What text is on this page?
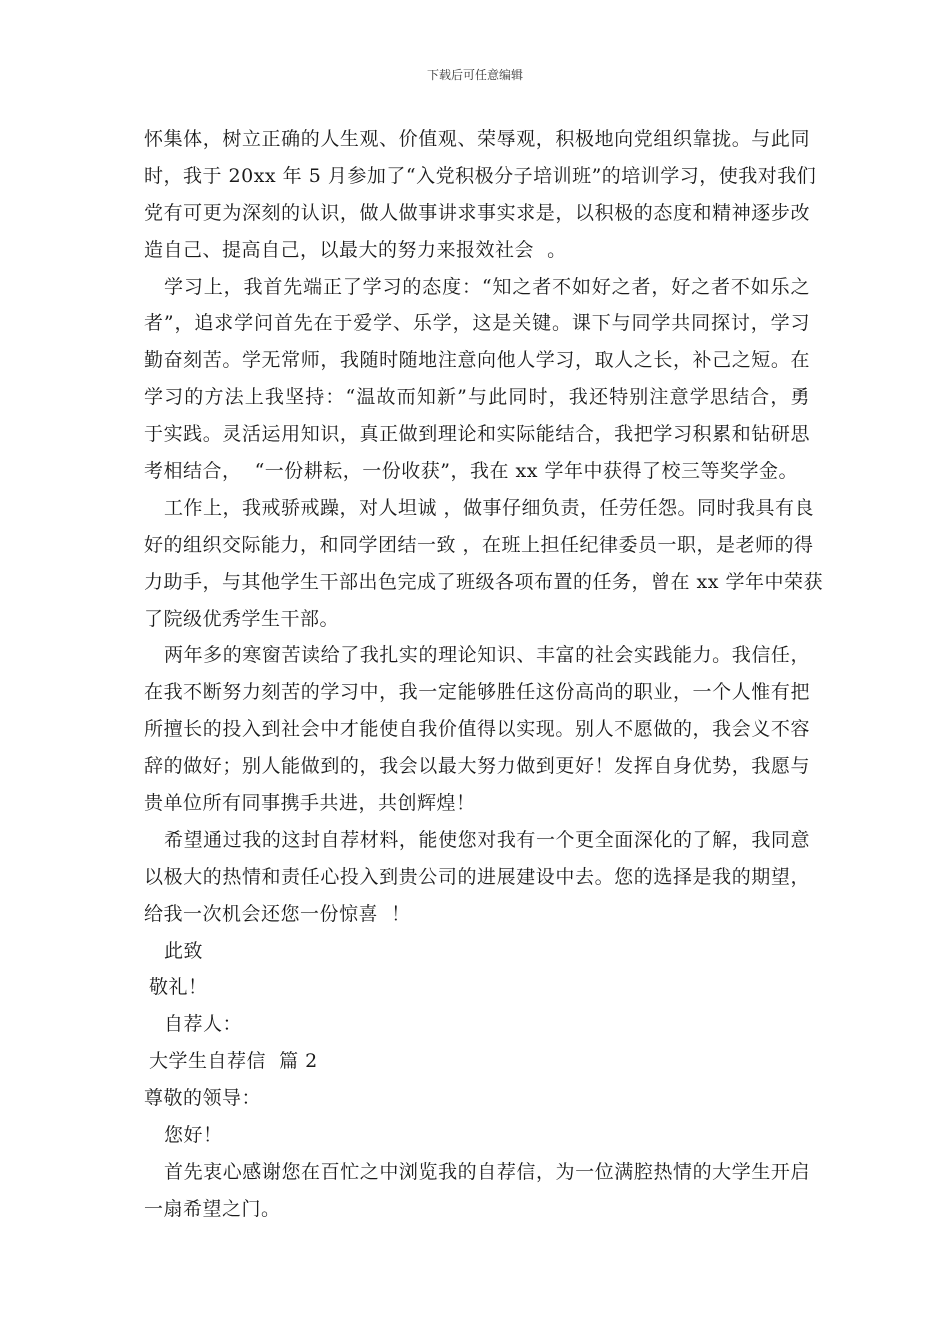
下载后可任意编辑
怀集体，树立正确的人生观、价值观、荣辱观，积极地向党组织靠拢。与此同
时，我于 20xx 年 5 月参加了“入党积极分子培训班”的培训学习，使我对我们
党有可更为深刻的认识，做人做事讲求事实求是，以积极的态度和精神逐步改
造自己、提高自己，以最大的努力来报效社会  。
学习上，我首先端正了学习的态度：“知之者不如好之者，好之者不如乐之
者”，追求学问首先在于爱学、乐学，这是关键。课下与同学共同探讨，学习
勤奋刻苦。学无常师，我随时随地注意向他人学习，取人之长，补己之短。在
学习的方法上我坚持：“温故而知新”与此同时，我还特别注意学思结合，勇
于实践。灵活运用知识，真正做到理论和实际能结合，我把学习积累和钻研思
考相结合，  “一份耕耘，一份收获”，我在 xx 学年中获得了校三等奖学金。
工作上，我戒骄戒躁，对人坦诚 ，做事仔细负责，任劳任怨。同时我具有良
好的组织交际能力，和同学团结一致 ，在班上担任纪律委员一职，是老师的得
力助手，与其他学生干部出色完成了班级各项布置的任务，曾在 xx 学年中荣获
了院级优秀学生干部。
两年多的寒窗苦读给了我扎实的理论知识、丰富的社会实践能力。我信任，
在我不断努力刻苦的学习中，我一定能够胜任这份高尚的职业，一个人惟有把
所擅长的投入到社会中才能使自我价值得以实现。别人不愿做的，我会义不容
辞的做好；别人能做到的，我会以最大努力做到更好！发挥自身优势，我愿与
贵单位所有同事携手共进，共创辉煌！
希望通过我的这封自荐材料，能使您对我有一个更全面深化的了解，我同意
以极大的热情和责任心投入到贵公司的进展建设中去。您的选择是我的期望，
给我一次机会还您一份惊喜  ！
此致
敬礼！
自荐人：
大学生自荐信  篇 2
尊敬的领导：
您好！
首先衷心感谢您在百忙之中浏览我的自荐信，为一位满腔热情的大学生开启
一扇希望之门。
